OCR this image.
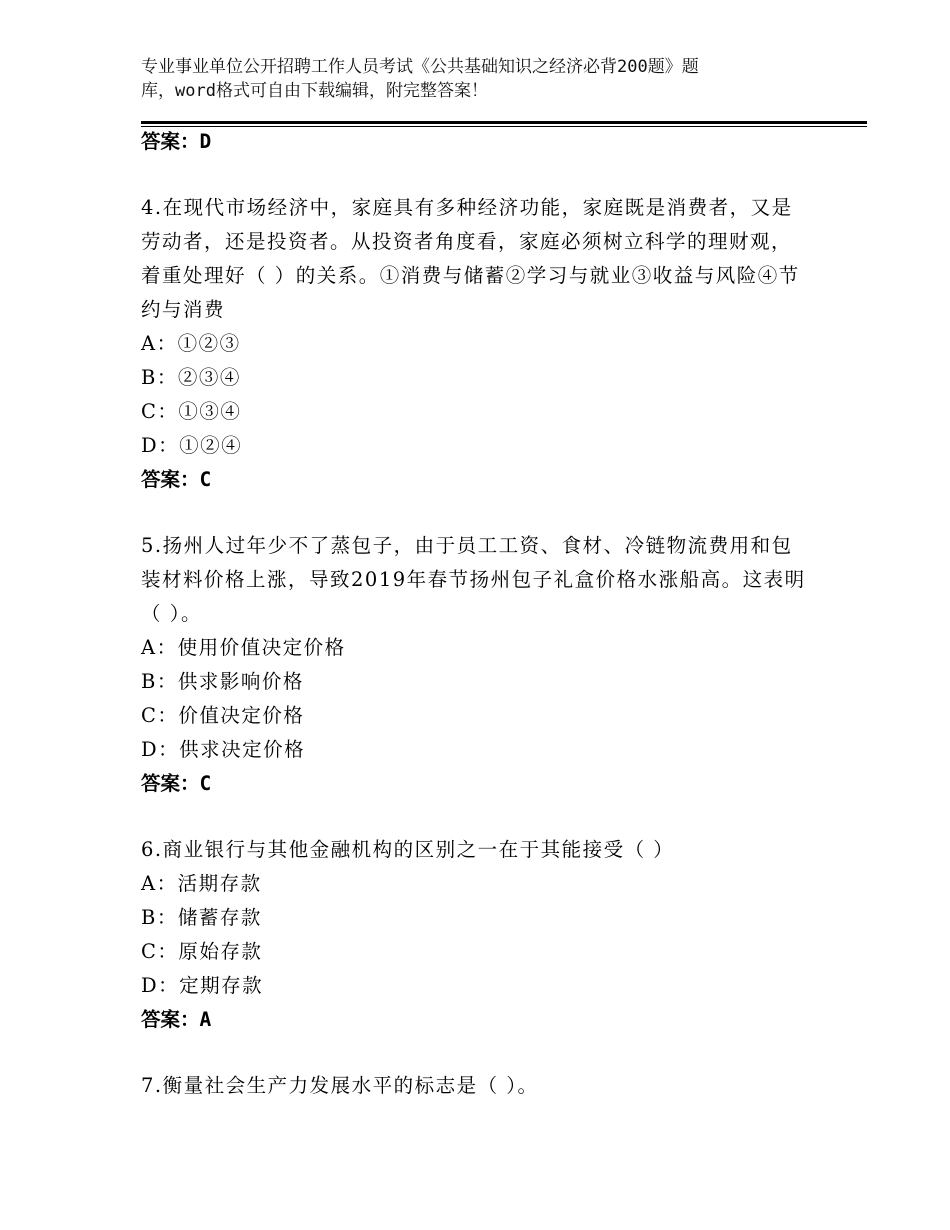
专业事业单位公开招聘工作人员考试《公共基础知识之经济必背200题》题
库，word格式可自由下载编辑，附完整答案！
答案：D
4.在现代市场经济中，家庭具有多种经济功能，家庭既是消费者，又是劳动者，还是投资者。从投资者角度看，家庭必须树立科学的理财观，着重处理好（ ）的关系。①消费与储蓄②学习与就业③收益与风险④节约与消费
A：①②③
B：②③④
C：①③④
D：①②④
答案：C
5.扬州人过年少不了蒸包子，由于员工工资、食材、冷链物流费用和包装材料价格上涨，导致2019年春节扬州包子礼盒价格水涨船高。这表明（ ）。
A：使用价值决定价格
B：供求影响价格
C：价值决定价格
D：供求决定价格
答案：C
6.商业银行与其他金融机构的区别之一在于其能接受（ ）
A：活期存款
B：储蓄存款
C：原始存款
D：定期存款
答案：A
7.衡量社会生产力发展水平的标志是（ ）。
